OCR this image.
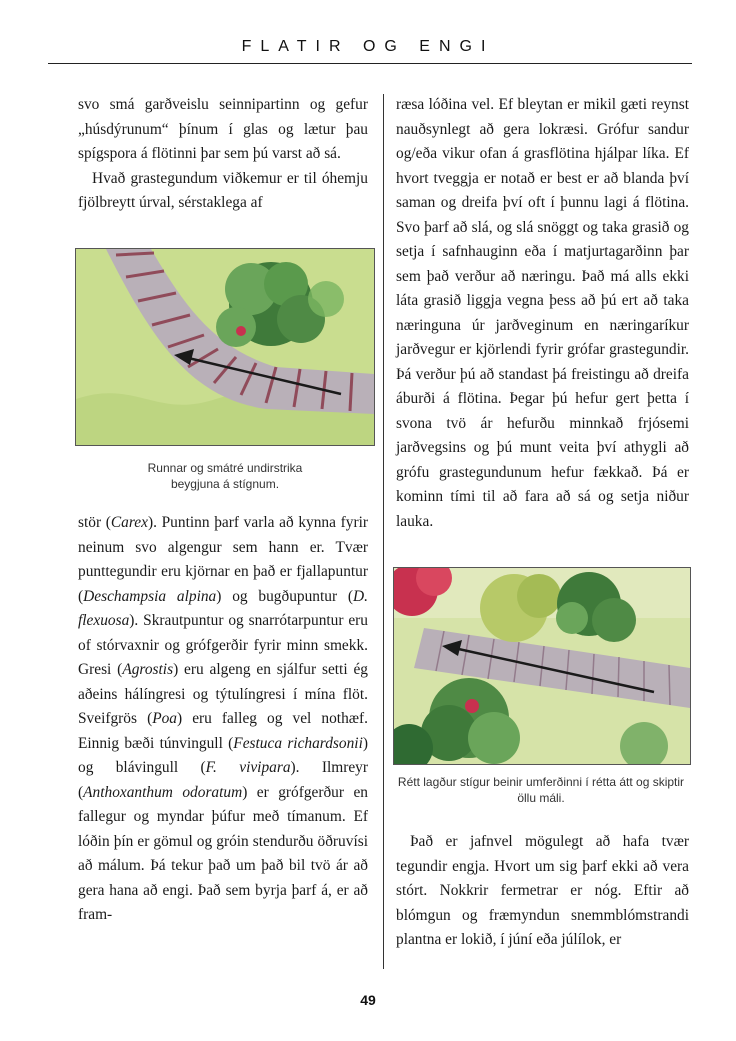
FLATIR OG ENGI

svo smá garðveislu seinnipartinn og gefur „húsdýrunum“ þínum í glas og lætur þau spígspora á flötinni þar sem þú varst að sá.

Hvað grastegundum viðkemur er til óhemju fjölbreytt úrval, sérstaklega af

Runnar og smátré undirstrika beygjuna á stígnum.

stör (Carex). Puntinn þarf varla að kynna fyrir neinum svo algengur sem hann er. Tvær punttegundir eru kjörnar en það er fjallapuntur (Deschampsia alpina) og bugðupuntur (D. flexuosa). Skrautpuntur og snarrótarpuntur eru of stórvaxnir og grófgerðir fyrir minn smekk. Gresi (Agrostis) eru algeng en sjálfur setti ég aðeins hálíngresi og týtulíngresi í mína flöt. Sveifgrös (Poa) eru falleg og vel nothæf. Einnig bæði túnvingull (Festuca richardsonii) og blávingull (F. vivipara). Ilmreyr (Anthoxanthum odoratum) er grófgerður en fallegur og myndar þúfur með tímanum. Ef lóðin þín er gömul og gróin stendurðu öðruvísi að málum. Þá tekur það um það bil tvö ár að gera hana að engi. Það sem byrja þarf á, er að fram-

ræsa lóðina vel. Ef bleytan er mikil gæti reynst nauðsynlegt að gera lokræsi. Grófur sandur og/eða vikur ofan á grasflötina hjálpar líka. Ef hvort tveggja er notað er best er að blanda því saman og dreifa því oft í þunnu lagi á flötina. Svo þarf að slá, og slá snöggt og taka grasið og setja í safnhauginn eða í matjurtagarðinn þar sem það verður að næringu. Það má alls ekki láta grasið liggja vegna þess að þú ert að taka næringuna úr jarðveginum en næringaríkur jarðvegur er kjörlendi fyrir grófar grastegundir. Þá verður þú að standast þá freistingu að dreifa áburði á flötina. Þegar þú hefur gert þetta í svona tvö ár hefurðu minnkað frjósemi jarðvegsins og þú munt veita því athygli að grófu grastegundunum hefur fækkað. Þá er kominn tími til að fara að sá og setja niður lauka.

Rétt lagður stígur beinir umferðinni í rétta átt og skiptir öllu máli.

Það er jafnvel mögulegt að hafa tvær tegundir engja. Hvort um sig þarf ekki að vera stórt. Nokkrir fermetrar er nóg. Eftir að blómgun og fræmyndun snemmblómstrandi plantna er lokið, í júní eða júlílok, er

49
